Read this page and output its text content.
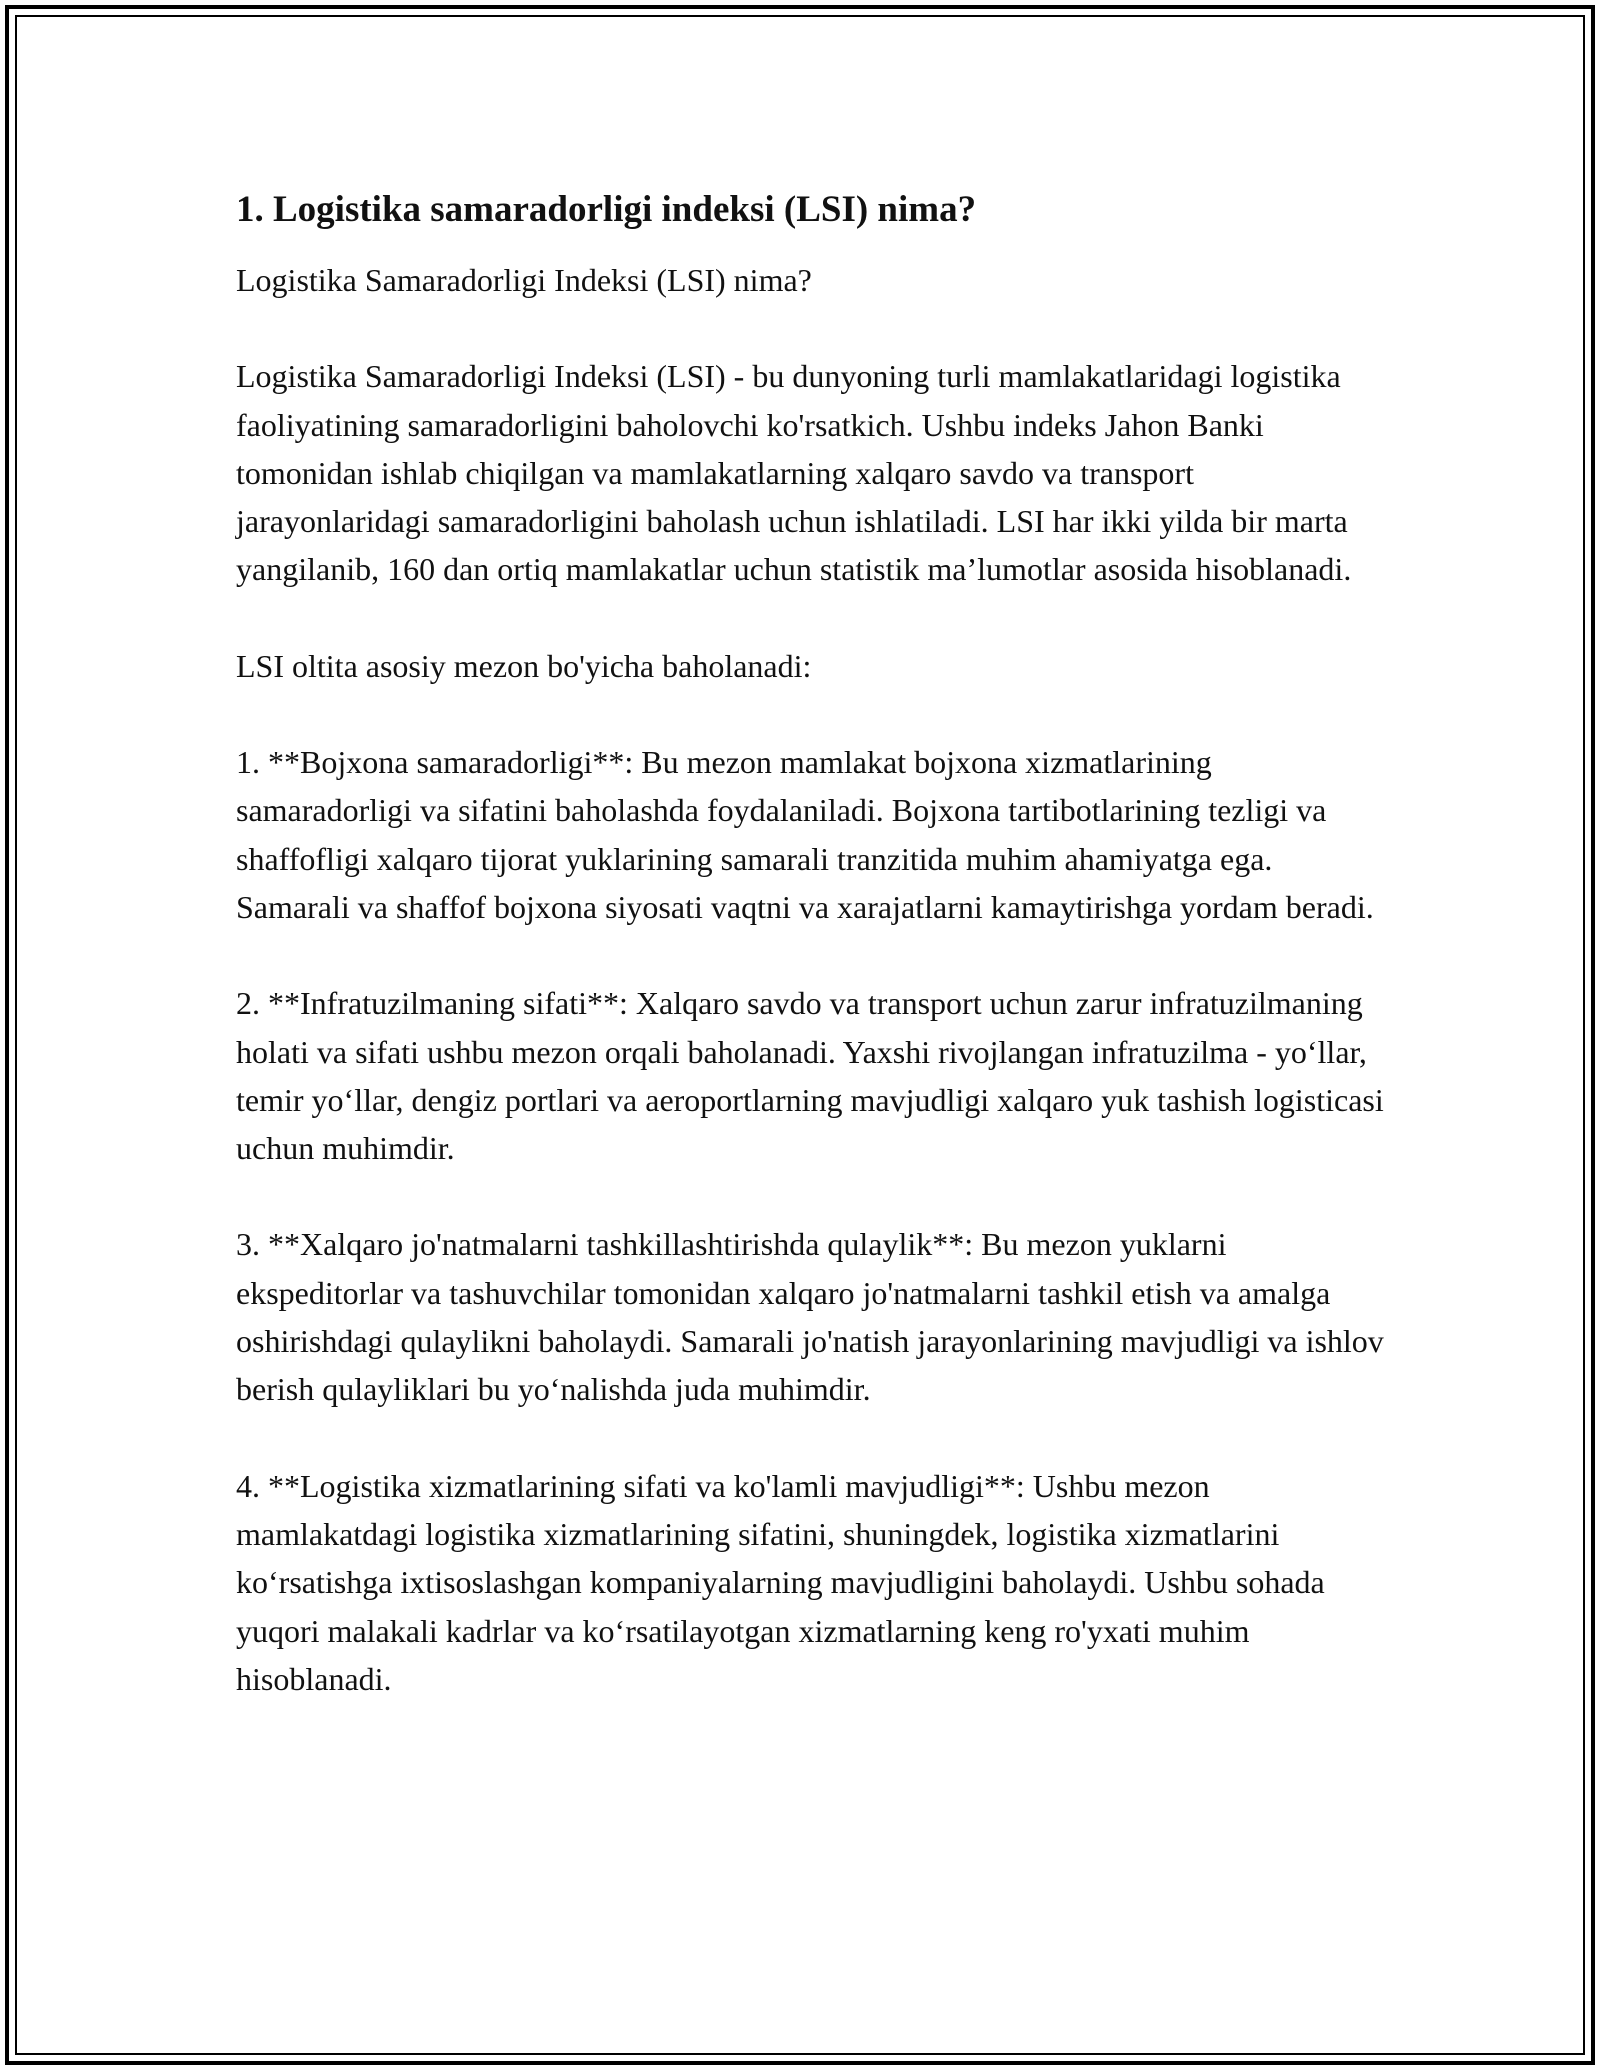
1. Logistika samaradorligi indeksi (LSI) nima?

Logistika Samaradorligi Indeksi (LSI) nima?

Logistika Samaradorligi Indeksi (LSI) - bu dunyoning turli mamlakatlaridagi logistika faoliyatining samaradorligini baholovchi ko'rsatkich. Ushbu indeks Jahon Banki tomonidan ishlab chiqilgan va mamlakatlarning xalqaro savdo va transport jarayonlaridagi samaradorligini baholash uchun ishlatiladi. LSI har ikki yilda bir marta yangilanib, 160 dan ortiq mamlakatlar uchun statistik ma’lumotlar asosida hisoblanadi.

LSI oltita asosiy mezon bo'yicha baholanadi:

1. **Bojxona samaradorligi**: Bu mezon mamlakat bojxona xizmatlarining samaradorligi va sifatini baholashda foydalaniladi. Bojxona tartibotlarining tezligi va shaffofligi xalqaro tijorat yuklarining samarali tranzitida muhim ahamiyatga ega. Samarali va shaffof bojxona siyosati vaqtni va xarajatlarni kamaytirishga yordam beradi.

2. **Infratuzilmaning sifati**: Xalqaro savdo va transport uchun zarur infratuzilmaning holati va sifati ushbu mezon orqali baholanadi. Yaxshi rivojlangan infratuzilma - yo‘llar, temir yo‘llar, dengiz portlari va aeroportlarning mavjudligi xalqaro yuk tashish logisticasi uchun muhimdir.

3. **Xalqaro jo'natmalarni tashkillashtirishda qulaylik**: Bu mezon yuklarni ekspeditorlar va tashuvchilar tomonidan xalqaro jo'natmalarni tashkil etish va amalga oshirishdagi qulaylikni baholaydi. Samarali jo'natish jarayonlarining mavjudligi va ishlov berish qulayliklari bu yo‘nalishda juda muhimdir.

4. **Logistika xizmatlarining sifati va ko'lamli mavjudligi**: Ushbu mezon mamlakatdagi logistika xizmatlarining sifatini, shuningdek, logistika xizmatlarini ko‘rsatishga ixtisoslashgan kompaniyalarning mavjudligini baholaydi. Ushbu sohada yuqori malakali kadrlar va ko‘rsatilayotgan xizmatlarning keng ro'yxati muhim hisoblanadi.
